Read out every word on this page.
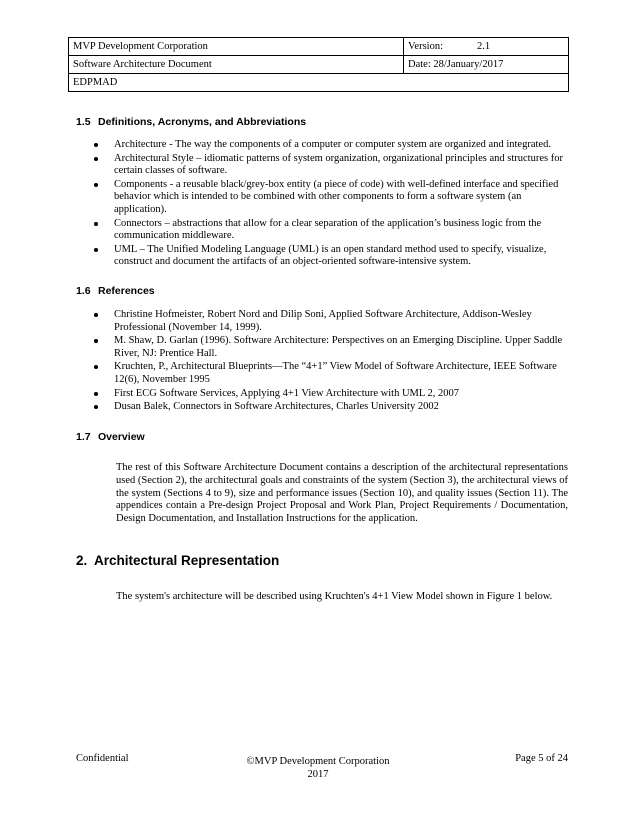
MVP Development Corporation	Version: 2.1
Software Architecture Document	Date: 28/January/2017
EDPMAD	
1.5 Definitions, Acronyms, and Abbreviations
Architecture - The way the components of a computer or computer system are organized and integrated.
Architectural Style – idiomatic patterns of system organization, organizational principles and structures for certain classes of software.
Components - a reusable black/grey-box entity (a piece of code) with well-defined interface and specified behavior which is intended to be combined with other components to form a software system (an application).
Connectors – abstractions that allow for a clear separation of the application’s business logic from the communication middleware.
UML – The Unified Modeling Language (UML) is an open standard method used to specify, visualize, construct and document the artifacts of an object-oriented software-intensive system.
1.6 References
Christine Hofmeister, Robert Nord and Dilip Soni, Applied Software Architecture, Addison-Wesley Professional (November 14, 1999).
M. Shaw, D. Garlan (1996). Software Architecture: Perspectives on an Emerging Discipline. Upper Saddle River, NJ: Prentice Hall.
Kruchten, P., Architectural Blueprints—The “4+1” View Model of Software Architecture, IEEE Software 12(6), November 1995
First ECG Software Services, Applying 4+1 View Architecture with UML 2, 2007
Dusan Balek, Connectors in Software Architectures, Charles University 2002
1.7 Overview

The rest of this Software Architecture Document contains a description of the architectural representations used (Section 2), the architectural goals and constraints of the system (Section 3), the architectural views of the system (Sections 4 to 9), size and performance issues (Section 10), and quality issues (Section 11). The appendices contain a Pre-design Project Proposal and Work Plan, Project Requirements / Documentation, Design Documentation, and Installation Instructions for the application.

2. Architectural Representation

The system's architecture will be described using Kruchten's 4+1 View Model shown in Figure 1 below.

Confidential	©MVP Development Corporation
2017
Page 5 of 24
